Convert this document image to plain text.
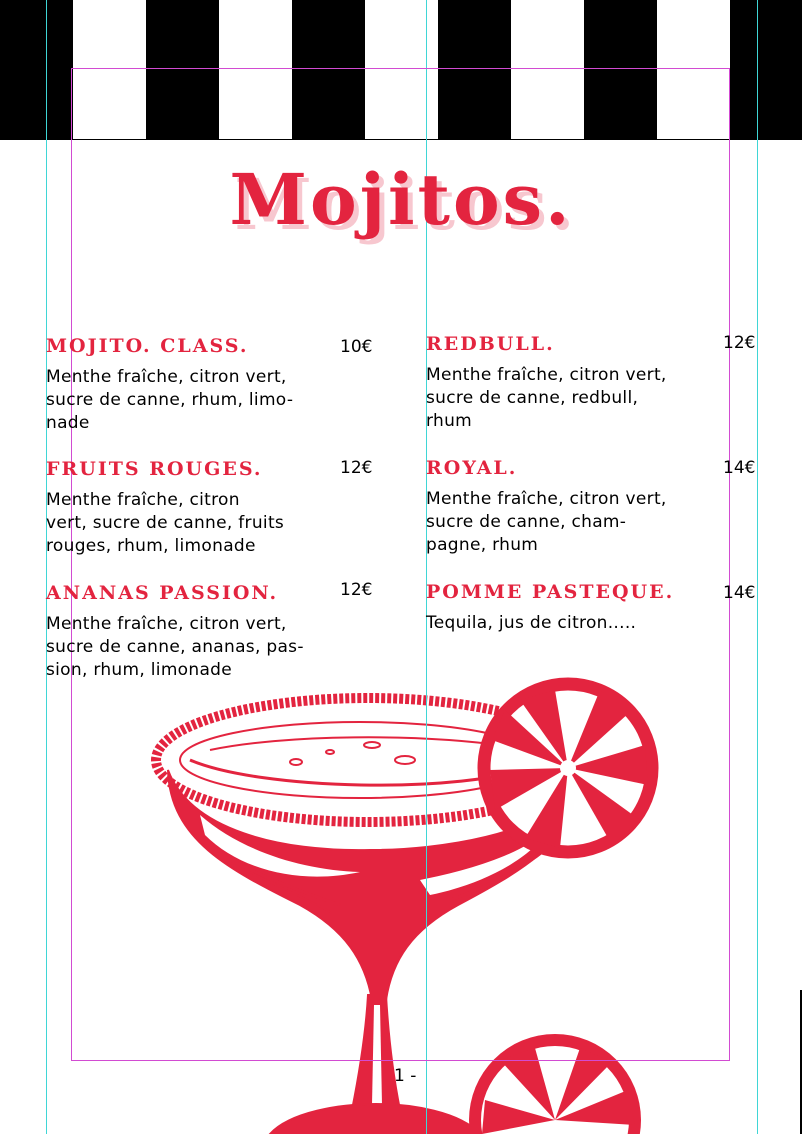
Mojitos.
MOJITO. CLASS.	10€

Menthe fraîche, citron vert,
sucre de canne, rhum, limo-
nade

FRUITS ROUGES.	12€

Menthe fraîche, citron
vert, sucre de canne, fruits
rouges, rhum, limonade

ANANAS PASSION.	12€

Menthe fraîche, citron vert,
sucre de canne, ananas, pas-
sion, rhum, limonade

REDBULL.	12€

Menthe fraîche, citron vert,
sucre de canne, redbull,
rhum

ROYAL.	14€

Menthe fraîche, citron vert,
sucre de canne, cham-
pagne, rhum

POMME PASTEQUE.	14€

Tequila, jus de citron.....

1 -
